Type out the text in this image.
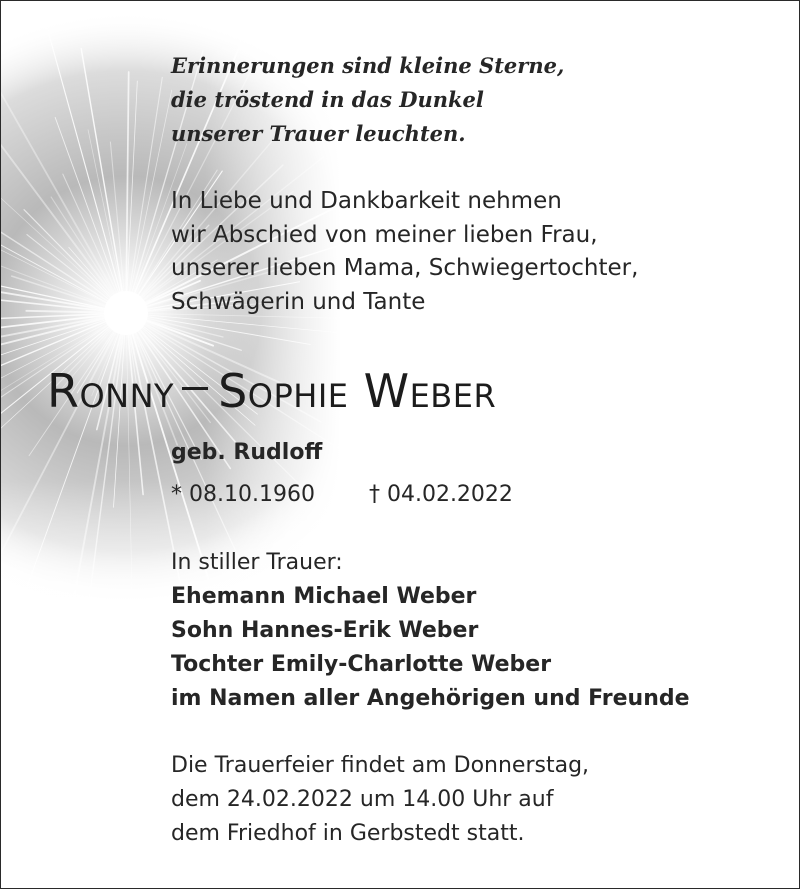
Erinnerungen sind kleine Sterne,
die tröstend in das Dunkel
unserer Trauer leuchten.
In Liebe und Dankbarkeit nehmen
wir Abschied von meiner lieben Frau,
unserer lieben Mama, Schwiegertochter,
Schwägerin und Tante
Ronny Sophie Weber
geb. Rudloff
* 08.10.1960 † 04.02.2022
In stiller Trauer:
Ehemann Michael Weber
Sohn Hannes-Erik Weber
Tochter Emily-Charlotte Weber
im Namen aller Angehörigen und Freunde
Die Trauerfeier findet am Donnerstag,
dem 24.02.2022 um 14.00 Uhr auf
dem Friedhof in Gerbstedt statt.
